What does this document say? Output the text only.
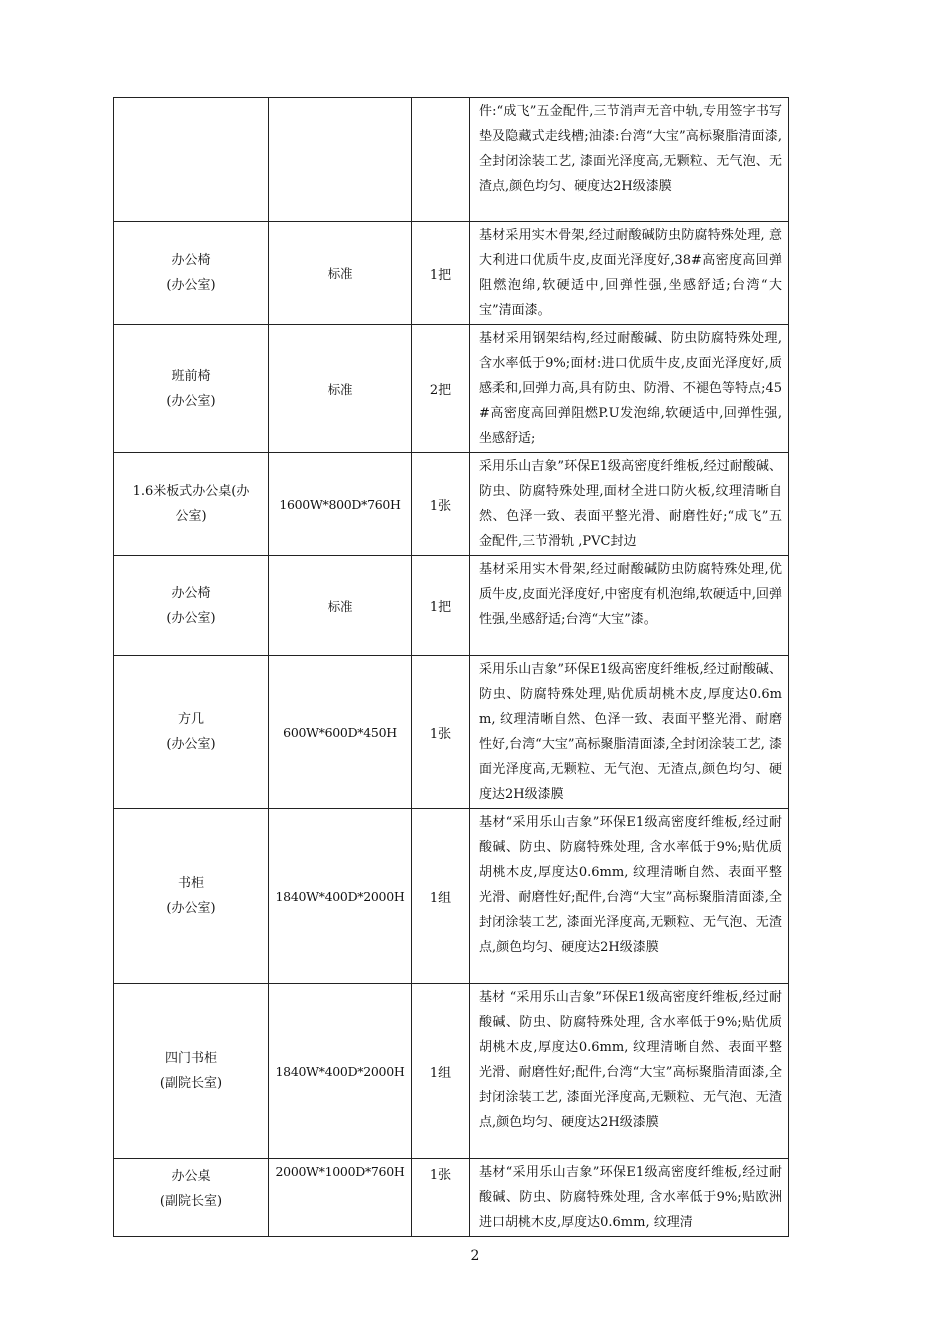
			件:“成飞”五金配件,三节消声无音中轨,专用签字书写垫及隐藏式走线槽;油漆:台湾“大宝”高标聚脂清面漆,全封闭涂装工艺, 漆面光泽度高,无颗粒、无气泡、无渣点,颜色均匀、硬度达2H级漆膜

办公椅
(办公室)	标准	1把	基材采用实木骨架,经过耐酸碱防虫防腐特殊处理, 意大利进口优质牛皮,皮面光泽度好,38#高密度高回弹阻燃泡绵,软硬适中,回弹性强,坐感舒适;台湾“大宝”清面漆。

班前椅
(办公室)	标准	2把	基材采用钢架结构,经过耐酸碱、防虫防腐特殊处理, 含水率低于9%;面材:进口优质牛皮,皮面光泽度好,质感柔和,回弹力高,具有防虫、防滑、不褪色等特点;45#高密度高回弹阻燃P.U发泡绵,软硬适中,回弹性强,坐感舒适;

1.6米板式办公桌(办
公室)	1600W*800D*760H	1张	采用乐山吉象”环保E1级高密度纤维板,经过耐酸碱、防虫、防腐特殊处理,面材全进口防火板,纹理清晰自然、色泽一致、表面平整光滑、耐磨性好;“成飞”五金配件,三节滑轨 ,PVC封边

办公椅
(办公室)	标准	1把	基材采用实木骨架,经过耐酸碱防虫防腐特殊处理,优质牛皮,皮面光泽度好,中密度有机泡绵,软硬适中,回弹性强,坐感舒适;台湾“大宝”漆。

方几
(办公室)	600W*600D*450H	1张	采用乐山吉象”环保E1级高密度纤维板,经过耐酸碱、防虫、防腐特殊处理,贴优质胡桃木皮,厚度达0.6mm, 纹理清晰自然、色泽一致、表面平整光滑、耐磨性好,台湾“大宝”高标聚脂清面漆,全封闭涂装工艺, 漆面光泽度高,无颗粒、无气泡、无渣点,颜色均匀、硬度达2H级漆膜

书柜
(办公室)	1840W*400D*2000H	1组	基材“采用乐山吉象”环保E1级高密度纤维板,经过耐酸碱、防虫、防腐特殊处理, 含水率低于9%;贴优质胡桃木皮,厚度达0.6mm, 纹理清晰自然、表面平整光滑、耐磨性好;配件,台湾“大宝”高标聚脂清面漆,全封闭涂装工艺, 漆面光泽度高,无颗粒、无气泡、无渣点,颜色均匀、硬度达2H级漆膜

四门书柜
(副院长室)	1840W*400D*2000H	1组	基材 “采用乐山吉象”环保E1级高密度纤维板,经过耐酸碱、防虫、防腐特殊处理, 含水率低于9%;贴优质胡桃木皮,厚度达0.6mm, 纹理清晰自然、表面平整光滑、耐磨性好;配件,台湾“大宝”高标聚脂清面漆,全封闭涂装工艺, 漆面光泽度高,无颗粒、无气泡、无渣点,颜色均匀、硬度达2H级漆膜

办公桌
(副院长室)	2000W*1000D*760H	1张	基材“采用乐山吉象”环保E1级高密度纤维板,经过耐酸碱、防虫、防腐特殊处理, 含水率低于9%;贴欧洲进口胡桃木皮,厚度达0.6mm, 纹理清
2
